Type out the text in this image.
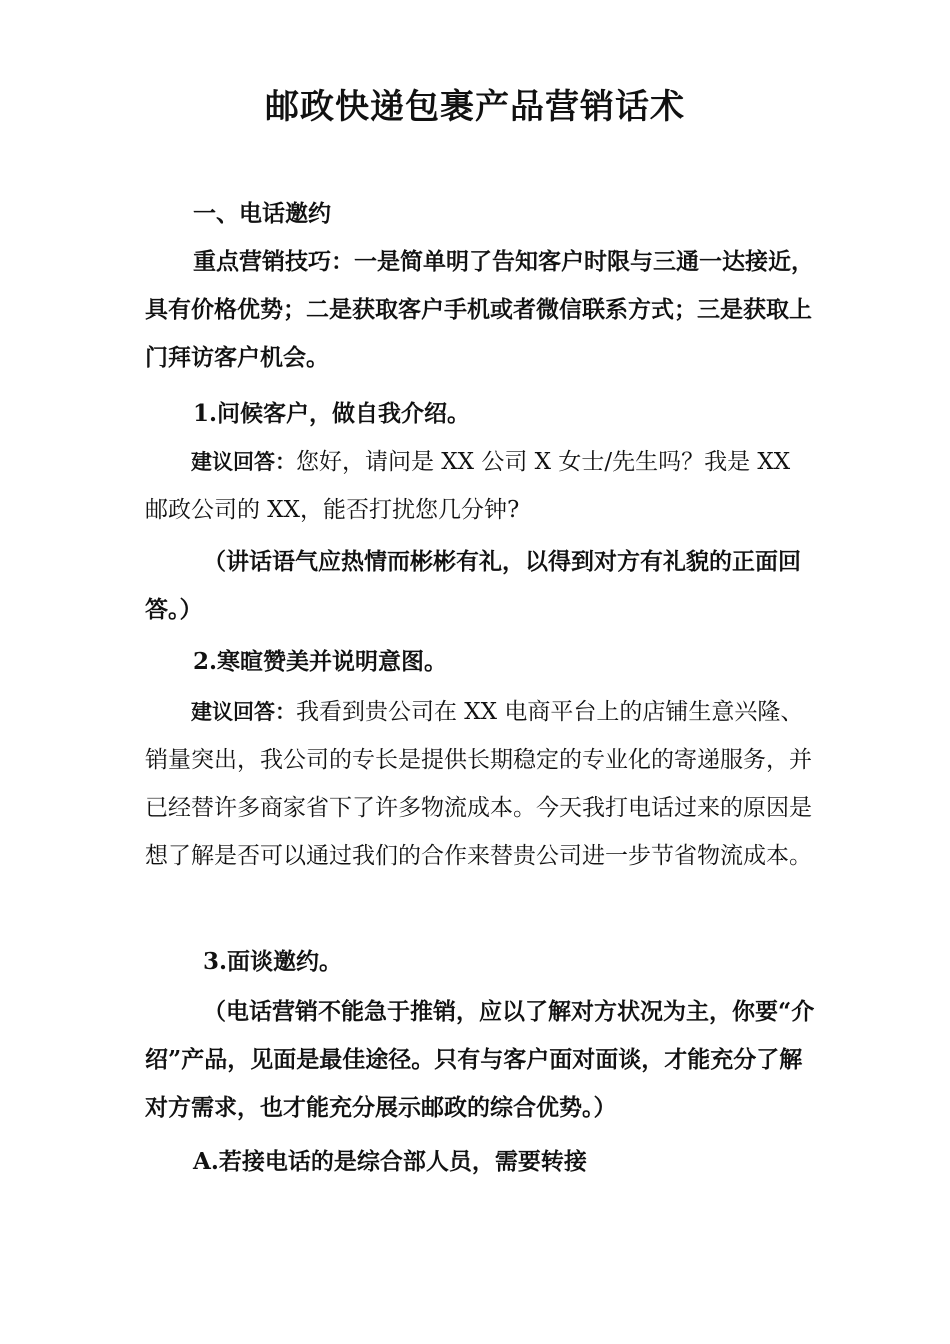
邮政快递包裹产品营销话术

一、电话邀约

重点营销技巧：一是简单明了告知客户时限与三通一达接近，具有价格优势；二是获取客户手机或者微信联系方式；三是获取上门拜访客户机会。

1.问候客户，做自我介绍。

建议回答：您好，请问是 XX 公司 X 女士/先生吗？我是 XX 邮政公司的 XX，能否打扰您几分钟?

（讲话语气应热情而彬彬有礼，以得到对方有礼貌的正面回答。）

2.寒暄赞美并说明意图。

建议回答：我看到贵公司在 XX 电商平台上的店铺生意兴隆、销量突出，我公司的专长是提供长期稳定的专业化的寄递服务，并已经替许多商家省下了许多物流成本。今天我打电话过来的原因是想了解是否可以通过我们的合作来替贵公司进一步节省物流成本。

3.面谈邀约。

（电话营销不能急于推销，应以了解对方状况为主，你要“介绍”产品，见面是最佳途径。只有与客户面对面谈，才能充分了解对方需求，也才能充分展示邮政的综合优势。）

A.若接电话的是综合部人员，需要转接
